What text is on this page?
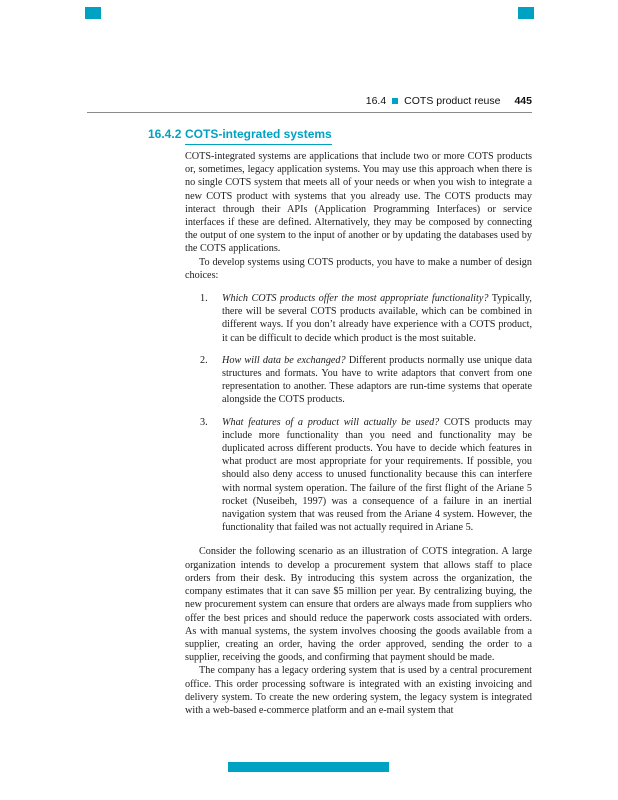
16.4 COTS product reuse 445
16.4.2 COTS-integrated systems

COTS-integrated systems are applications that include two or more COTS products or, sometimes, legacy application systems. You may use this approach when there is no single COTS system that meets all of your needs or when you wish to integrate a new COTS product with systems that you already use. The COTS products may interact through their APIs (Application Programming Interfaces) or service interfaces if these are defined. Alternatively, they may be composed by connecting the output of one system to the input of another or by updating the databases used by the COTS applications.

To develop systems using COTS products, you have to make a number of design choices:

1.	Which COTS products offer the most appropriate functionality? Typically, there will be several COTS products available, which can be combined in different ways. If you don’t already have experience with a COTS product, it can be difficult to decide which product is the most suitable.
2.	How will data be exchanged? Different products normally use unique data structures and formats. You have to write adaptors that convert from one representation to another. These adaptors are run-time systems that operate alongside the COTS products.
3.	What features of a product will actually be used? COTS products may include more functionality than you need and functionality may be duplicated across different products. You have to decide which features in what product are most appropriate for your requirements. If possible, you should also deny access to unused functionality because this can interfere with normal system operation. The failure of the first flight of the Ariane 5 rocket (Nuseibeh, 1997) was a consequence of a failure in an inertial navigation system that was reused from the Ariane 4 system. However, the functionality that failed was not actually required in Ariane 5.

Consider the following scenario as an illustration of COTS integration. A large organization intends to develop a procurement system that allows staff to place orders from their desk. By introducing this system across the organization, the company estimates that it can save $5 million per year. By centralizing buying, the new procurement system can ensure that orders are always made from suppliers who offer the best prices and should reduce the paperwork costs associated with orders. As with manual systems, the system involves choosing the goods available from a supplier, creating an order, having the order approved, sending the order to a supplier, receiving the goods, and confirming that payment should be made.

The company has a legacy ordering system that is used by a central procurement office. This order processing software is integrated with an existing invoicing and delivery system. To create the new ordering system, the legacy system is integrated with a web-based e-commerce platform and an e-mail system that
